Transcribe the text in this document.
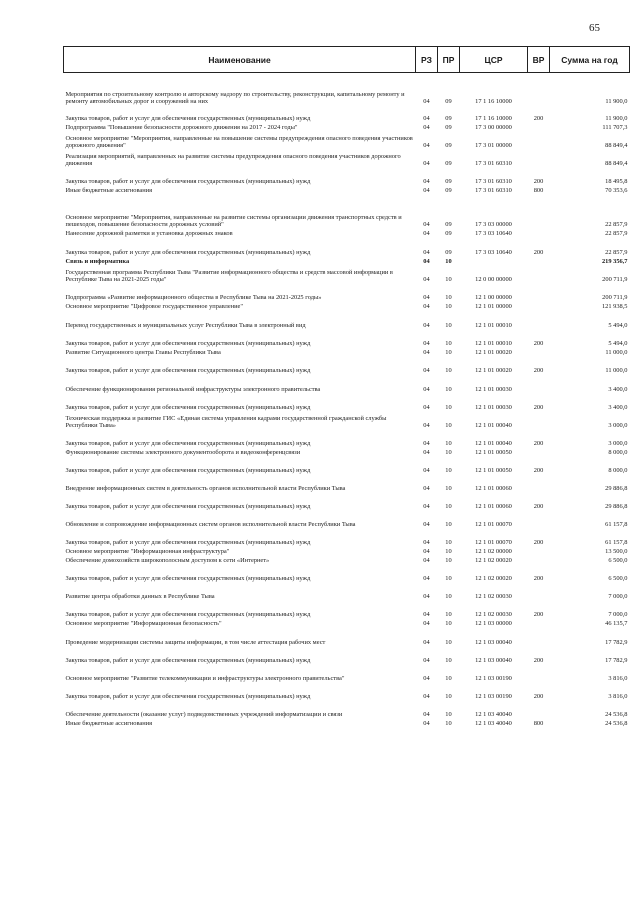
65
Наименование	РЗ	ПР	ЦСР	ВР	Сумма на год
Мероприятия по строительному контролю и авторскому надзору по строительству, реконструкции, капитальному ремонту и ремонту автомобильных дорог и сооружений на них	04	09	17 1 16 10000		11 900,0
Закупка товаров, работ и услуг для обеспечения государственных (муниципальных) нужд	04	09	17 1 16 10000	200	11 900,0
Подпрограмма "Повышение безопасности дорожного движения на 2017 - 2024 годы"	04	09	17 3 00 00000		111 707,3
Основное мероприятие "Мероприятия, направленные на повышение системы предупреждения опасного поведения участников дорожного движения"	04	09	17 3 01 00000		88 849,4
Реализация мероприятий, направленных на развитие системы предупреждения опасного поведения участников дорожного движения	04	09	17 3 01 60310		88 849,4
Закупка товаров, работ и услуг для обеспечения государственных (муниципальных) нужд	04	09	17 3 01 60310	200	18 495,8
Иные бюджетные ассигнования	04	09	17 3 01 60310	800	70 353,6
Основное мероприятие "Мероприятия, направленные на развитие системы организации движения транспортных средств и пешеходов, повышение безопасности дорожных условий"	04	09	17 3 03 00000		22 857,9
Нанесение дорожной разметки и установка дорожных знаков	04	09	17 3 03 10640		22 857,9
Закупка товаров, работ и услуг для обеспечения государственных (муниципальных) нужд	04	09	17 3 03 10640	200	22 857,9
Связь и информатика	04	10			219 356,7
Государственная программа Республики Тыва "Развитие информационного общества и средств массовой информации в Республике Тыва на 2021-2025 годы"	04	10	12 0 00 00000		200 711,9
Подпрограмма «Развитие информационного общества в Республике Тыва на 2021-2025 годы»	04	10	12 1 00 00000		200 711,9
Основное мероприятие "Цифровое государственное управление"	04	10	12 1 01 00000		121 938,5
Перевод государственных и муниципальных услуг Республики Тыва в электронный вид	04	10	12 1 01 00010		5 494,0
Закупка товаров, работ и услуг для обеспечения государственных (муниципальных) нужд	04	10	12 1 01 00010	200	5 494,0
Развитие Ситуационного центра Главы Республики Тыва	04	10	12 1 01 00020		11 000,0
Закупка товаров, работ и услуг для обеспечения государственных (муниципальных) нужд	04	10	12 1 01 00020	200	11 000,0
Обеспечение функционирования региональной инфраструктуры электронного правительства	04	10	12 1 01 00030		3 400,0
Закупка товаров, работ и услуг для обеспечения государственных (муниципальных) нужд	04	10	12 1 01 00030	200	3 400,0
Техническая поддержка и развитие ГИС «Единая система управления кадрами государственной гражданской службы Республики Тыва»	04	10	12 1 01 00040		3 000,0
Закупка товаров, работ и услуг для обеспечения государственных (муниципальных) нужд	04	10	12 1 01 00040	200	3 000,0
Функционирование системы электронного документооборота и видеоконференцсвязи	04	10	12 1 01 00050		8 000,0
Закупка товаров, работ и услуг для обеспечения государственных (муниципальных) нужд	04	10	12 1 01 00050	200	8 000,0
Внедрение информационных систем в деятельность органов исполнительной власти Республики Тыва	04	10	12 1 01 00060		29 886,8
Закупка товаров, работ и услуг для обеспечения государственных (муниципальных) нужд	04	10	12 1 01 00060	200	29 886,8
Обновление и сопровождение информационных систем органов исполнительной власти Республики Тыва	04	10	12 1 01 00070		61 157,8
Закупка товаров, работ и услуг для обеспечения государственных (муниципальных) нужд	04	10	12 1 01 00070	200	61 157,8
Основное мероприятие "Информационная инфраструктура"	04	10	12 1 02 00000		13 500,0
Обеспечение домохозяйств широкополосным доступом к сети «Интернет»	04	10	12 1 02 00020		6 500,0
Закупка товаров, работ и услуг для обеспечения государственных (муниципальных) нужд	04	10	12 1 02 00020	200	6 500,0
Развитие центра обработки данных в Республике Тыва	04	10	12 1 02 00030		7 000,0
Закупка товаров, работ и услуг для обеспечения государственных (муниципальных) нужд	04	10	12 1 02 00030	200	7 000,0
Основное мероприятие "Информационная безопасность"	04	10	12 1 03 00000		46 135,7
Проведение модернизации системы защиты информации, в том числе аттестация рабочих мест	04	10	12 1 03 00040		17 782,9
Закупка товаров, работ и услуг для обеспечения государственных (муниципальных) нужд	04	10	12 1 03 00040	200	17 782,9
Основное мероприятие "Развитие телекоммуникации и инфраструктуры электронного правительства"	04	10	12 1 03 00190		3 816,0
Закупка товаров, работ и услуг для обеспечения государственных (муниципальных) нужд	04	10	12 1 03 00190	200	3 816,0
Обеспечение деятельности (оказание услуг) подведомственных учреждений информатизации и связи	04	10	12 1 03 40040		24 536,8
Иные бюджетные ассигнования	04	10	12 1 03 40040	800	24 536,8
